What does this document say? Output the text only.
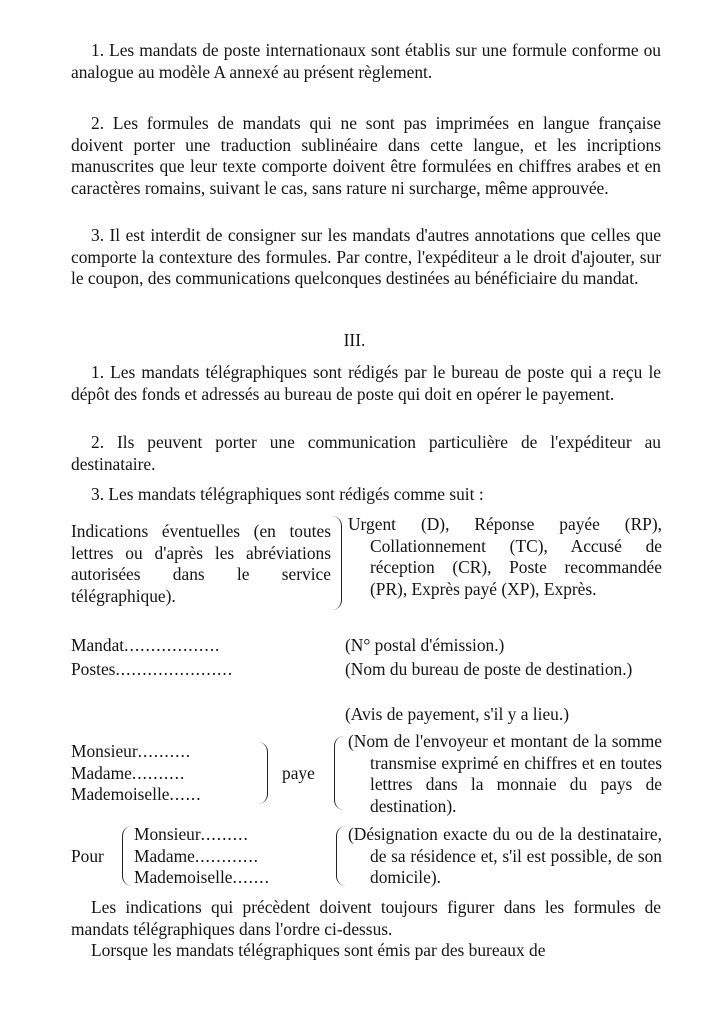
1. Les mandats de poste internationaux sont établis sur une formule conforme ou analogue au modèle A annexé au présent règlement.

2. Les formules de mandats qui ne sont pas imprimées en langue française doivent porter une traduction sublinéaire dans cette langue, et les incriptions manuscrites que leur texte comporte doivent être formulées en chiffres arabes et en caractères romains, suivant le cas, sans rature ni surcharge, même approuvée.

3. Il est interdit de consigner sur les mandats d'autres annotations que celles que comporte la contexture des formules. Par contre, l'expéditeur a le droit d'ajouter, sur le coupon, des communications quelconques destinées au bénéficiaire du mandat.

III.

1. Les mandats télégraphiques sont rédigés par le bureau de poste qui a reçu le dépôt des fonds et adressés au bureau de poste qui doit en opérer le payement.

2. Ils peuvent porter une communication particulière de l'expéditeur au destinataire.

3. Les mandats télégraphiques sont rédigés comme suit :

Indications éventuelles (en toutes lettres ou d'après les abréviations autorisées dans le service télégraphique).
Urgent (D), Réponse payée (RP), Collationnement (TC), Accusé de réception (CR), Poste recommandée (PR), Exprès payé (XP), Exprès.
Mandat..................	(N° postal d'émission.)
Postes......................	(Nom du bureau de poste de destination.)
(Avis de payement, s'il y a lieu.)
Monsieur..........
Madame..........
Mademoiselle......
paye
(Nom de l'envoyeur et montant de la somme transmise exprimé en chiffres et en toutes lettres dans la monnaie du pays de destination).
Pour
Monsieur.........
Madame............
Mademoiselle.......
(Désignation exacte du ou de la destinataire, de sa résidence et, s'il est possible, de son domicile).

Les indications qui précèdent doivent toujours figurer dans les formules de mandats télégraphiques dans l'ordre ci-dessus.

Lorsque les mandats télégraphiques sont émis par des bureaux de
